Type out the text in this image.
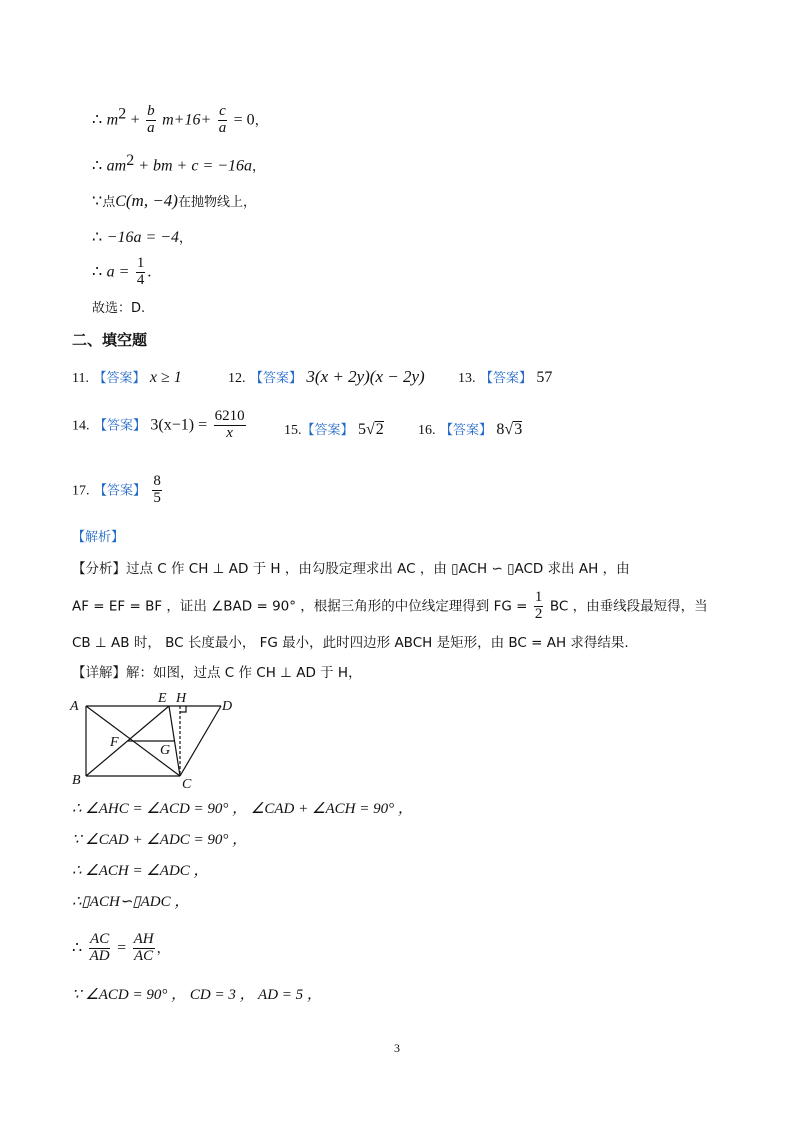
∴ $m^2 + \frac{b}{a} m+16+ \frac{c}{a} = 0$，
∴ $am^2$ + bm + c = −16a，
∵点C(m, −4)在抛物线上，
∴ −16a = −4，
∴ $a = \frac{1}{4}$ .
故选：D.
二、填空题
11. 【答案】 x ≥ 1	12. 【答案】 3(x + 2y)(x − 2y) 13. 【答案】 57
14. 【答案】 $3(x-1) = \frac{6210}{x}$	15.【答案】 5√2 16. 【答案】 8√3
17. 【答案】 $\frac{8}{5}$
【解析】
【分析】过点 C 作 CH ⊥ AD 于 H ，由勾股定理求出 AC ，由 ▯ACH ∽ ▯ACD 求出 AH ，由
AF = EF = BF ，证出 ∠BAD = 90° ，根据三角形的中位线定理得到 FG = $\frac{1}{2}$ BC ，由垂线段最短得，当
CB ⊥ AB 时， BC 长度最小， FG 最小，此时四边形 ABCH 是矩形，由 BC = AH 求得结果.
【详解】解：如图，过点 C 作 CH ⊥ AD 于 H，
A
B	C
D
E H
F
G
∴ ∠AHC = ∠ACD = 90° ， ∠CAD + ∠ACH = 90° ，
∵ ∠CAD + ∠ADC = 90° ，
∴ ∠ACH = ∠ADC ，
∴▯ACH∽▯ADC ，
∴ $\frac{AC}{AD} = \frac{AH}{AC}$ ，
∵ ∠ACD = 90° ， CD = 3 ， AD = 5 ，
3
